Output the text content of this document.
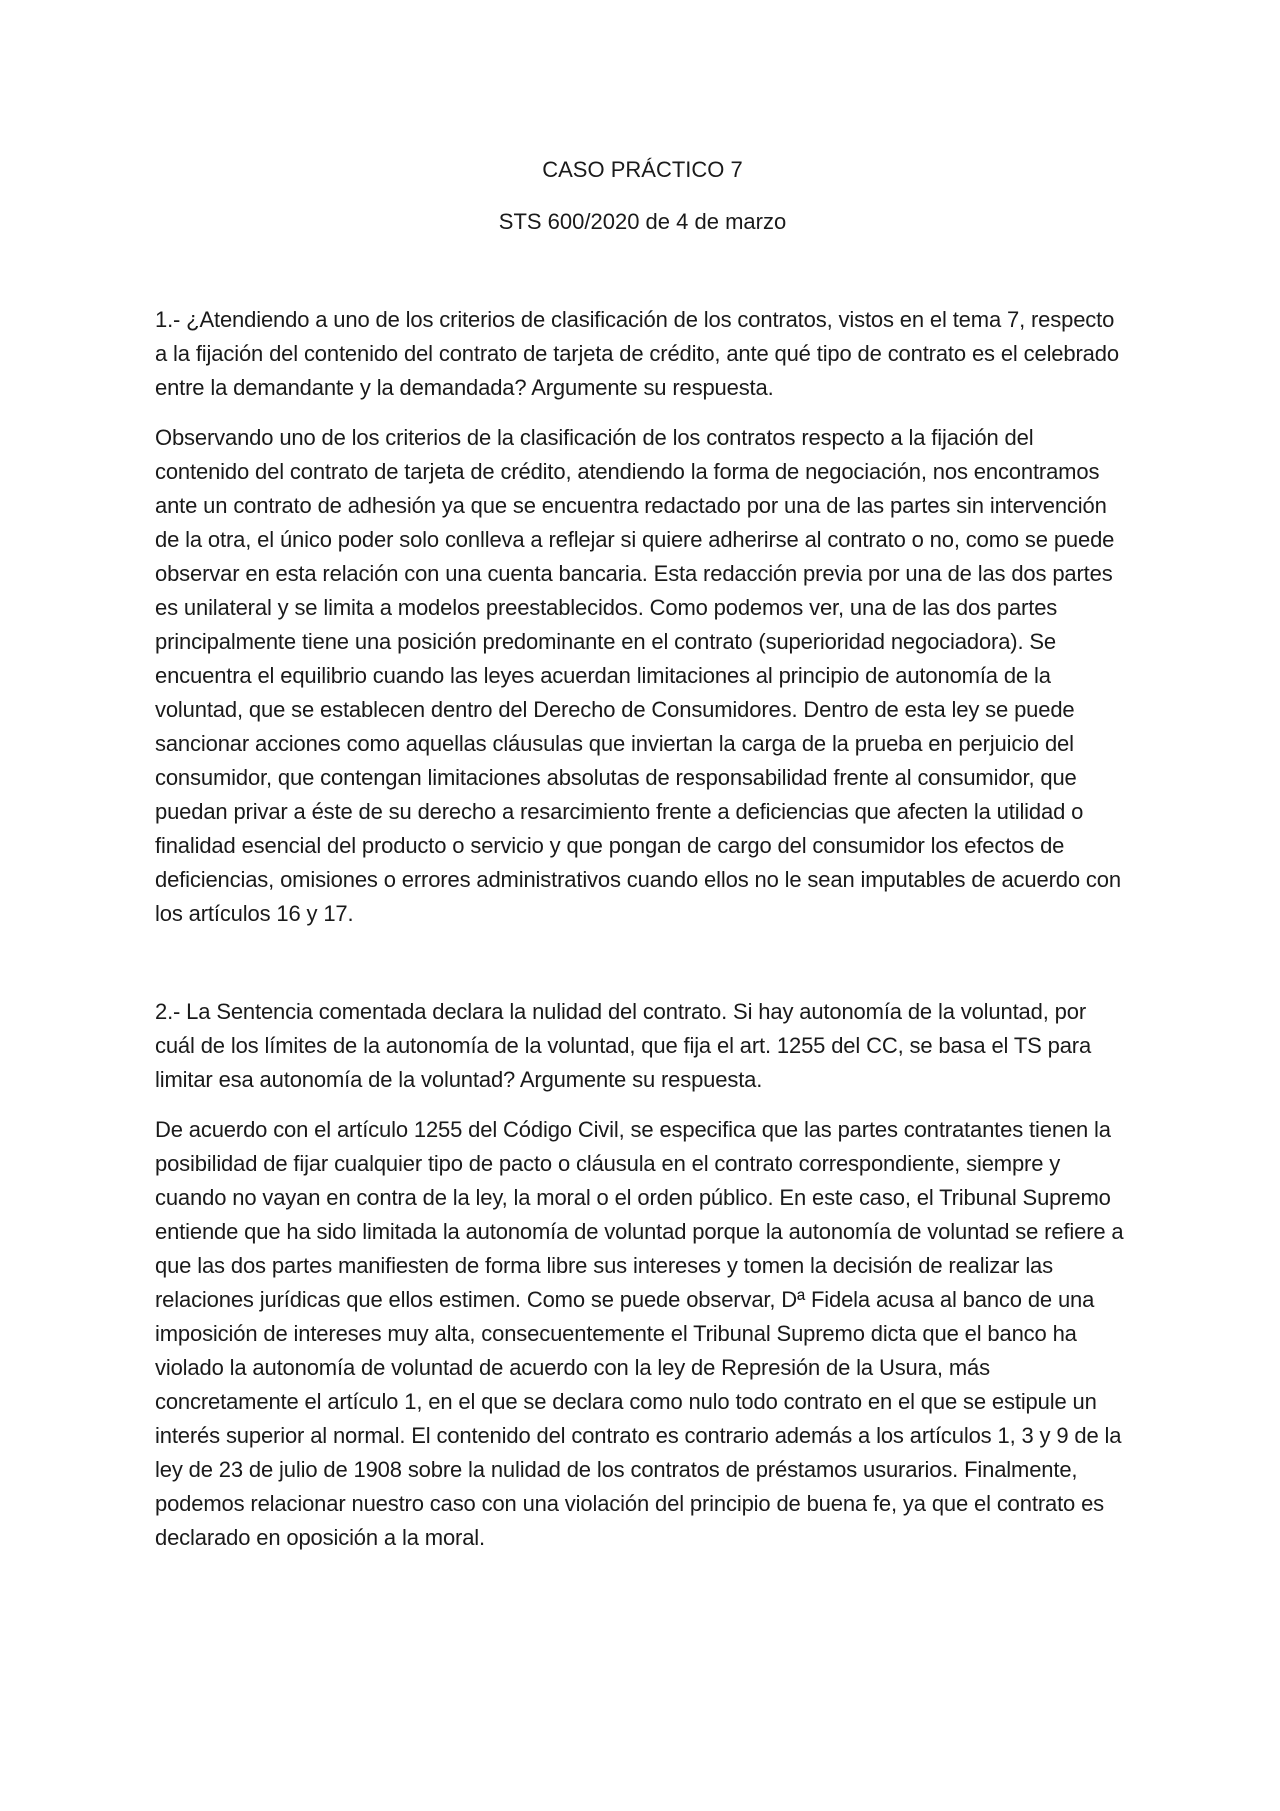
CASO PRÁCTICO 7

STS 600/2020 de 4 de marzo

1.- ¿Atendiendo a uno de los criterios de clasificación de los contratos, vistos en el tema 7, respecto a la fijación del contenido del contrato de tarjeta de crédito, ante qué tipo de contrato es el celebrado entre la demandante y la demandada? Argumente su respuesta.

Observando uno de los criterios de la clasificación de los contratos respecto a la fijación del contenido del contrato de tarjeta de crédito, atendiendo la forma de negociación, nos encontramos ante un contrato de adhesión ya que se encuentra redactado por una de las partes sin intervención de la otra, el único poder solo conlleva a reflejar si quiere adherirse al contrato o no, como se puede observar en esta relación con una cuenta bancaria. Esta redacción previa por una de las dos partes es unilateral y se limita a modelos preestablecidos. Como podemos ver, una de las dos partes principalmente tiene una posición predominante en el contrato (superioridad negociadora). Se encuentra el equilibrio cuando las leyes acuerdan limitaciones al principio de autonomía de la voluntad, que se establecen dentro del Derecho de Consumidores. Dentro de esta ley se puede sancionar acciones como aquellas cláusulas que inviertan la carga de la prueba en perjuicio del consumidor, que contengan limitaciones absolutas de responsabilidad frente al consumidor, que puedan privar a éste de su derecho a resarcimiento frente a deficiencias que afecten la utilidad o finalidad esencial del producto o servicio y que pongan de cargo del consumidor los efectos de deficiencias, omisiones o errores administrativos cuando ellos no le sean imputables de acuerdo con los artículos 16 y 17.

2.- La Sentencia comentada declara la nulidad del contrato. Si hay autonomía de la voluntad, por cuál de los límites de la autonomía de la voluntad, que fija el art. 1255 del CC, se basa el TS para limitar esa autonomía de la voluntad? Argumente su respuesta.

De acuerdo con el artículo 1255 del Código Civil, se especifica que las partes contratantes tienen la posibilidad de fijar cualquier tipo de pacto o cláusula en el contrato correspondiente, siempre y cuando no vayan en contra de la ley, la moral o el orden público. En este caso, el Tribunal Supremo entiende que ha sido limitada la autonomía de voluntad porque la autonomía de voluntad se refiere a que las dos partes manifiesten de forma libre sus intereses y tomen la decisión de realizar las relaciones jurídicas que ellos estimen. Como se puede observar, Dª Fidela acusa al banco de una imposición de intereses muy alta, consecuentemente el Tribunal Supremo dicta que el banco ha violado la autonomía de voluntad de acuerdo con la ley de Represión de la Usura, más concretamente el artículo 1, en el que se declara como nulo todo contrato en el que se estipule un interés superior al normal. El contenido del contrato es contrario además a los artículos 1, 3 y 9 de la ley de 23 de julio de 1908 sobre la nulidad de los contratos de préstamos usurarios. Finalmente, podemos relacionar nuestro caso con una violación del principio de buena fe, ya que el contrato es declarado en oposición a la moral.
